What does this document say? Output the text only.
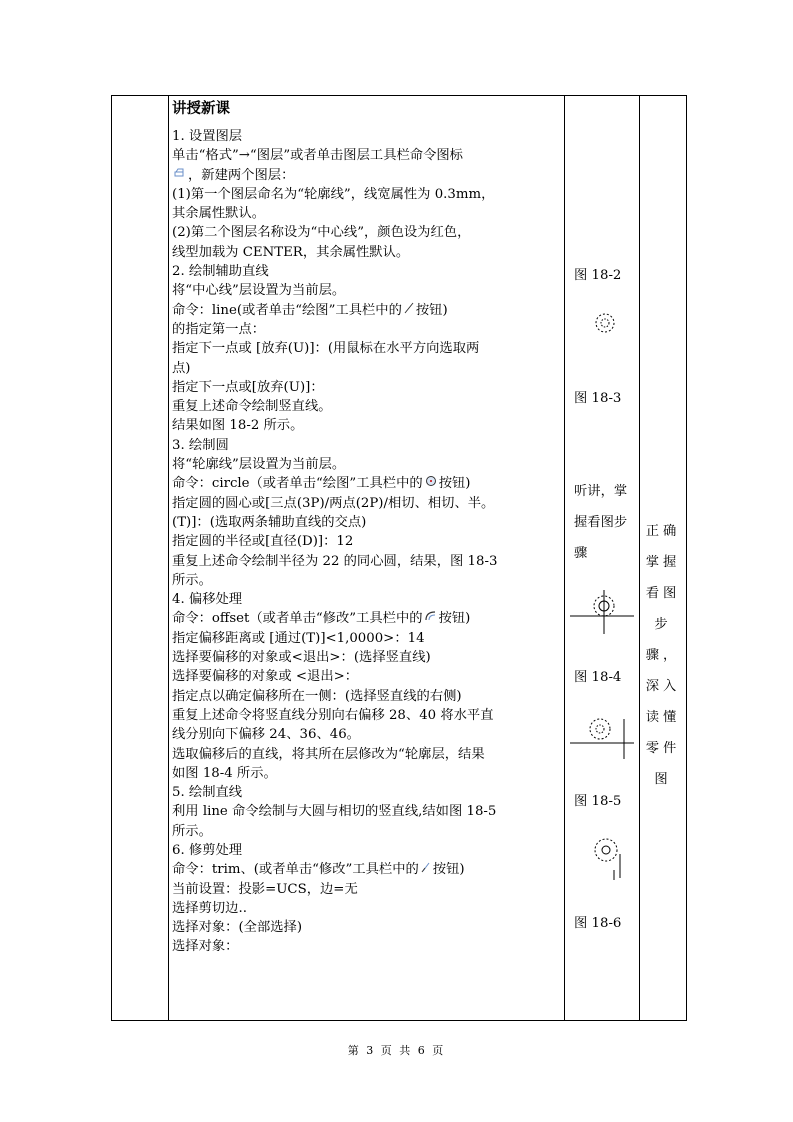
讲授新课
1. 设置图层
单击“格式”→“图层”或者单击图层工具栏命令图标
，新建两个图层：
(1)第一个图层命名为“轮廓线”，线宽属性为 0.3mm，
其余属性默认。
(2)第二个图层名称设为“中心线”，颜色设为红色，
线型加载为 CENTER，其余属性默认。
2. 绘制辅助直线
将“中心线”层设置为当前层。
命令：line(或者单击“绘图”工具栏中的 按钮)
的指定第一点：
指定下一点或 [放弃(U)]：(用鼠标在水平方向选取两
点)
指定下一点或[放弃(U)]：
重复上述命令绘制竖直线。
结果如图 18-2 所示。
3. 绘制圆
将“轮廓线”层设置为当前层。
命令：circle（或者单击“绘图”工具栏中的 按钮)
指定圆的圆心或[三点(3P)/两点(2P)/相切、相切、半。
(T)]：(选取两条辅助直线的交点)
指定圆的半径或[直径(D)]：12
重复上述命令绘制半径为 22 的同心圆，结果，图 18-3
所示。
4. 偏移处理
命令：offset（或者单击“修改”工具栏中的 按钮)
指定偏移距离或 [通过(T)]<1,0000>：14
选择要偏移的对象或<退出>：(选择竖直线)
选择要偏移的对象或 <退出>：
指定点以确定偏移所在一侧：(选择竖直线的右侧)
重复上述命令将竖直线分别向右偏移 28、40 将水平直
线分别向下偏移 24、36、46。
选取偏移后的直线，将其所在层修改为“轮廓层，结果
如图 18-4 所示。
5. 绘制直线
利用 line 命令绘制与大圆与相切的竖直线,结如图 18-5
所示。
6. 修剪处理
命令：trim、(或者单击“修改”工具栏中的 按钮)
当前设置：投影=UCS，边=无
选择剪切边..
选择对象：(全部选择)
选择对象：
图 18-2
图 18-3
听讲，掌
握看图步
骤
图 18-4
图 18-5
图 18-6
正确
掌握
看图
步
骤，
深入
读懂
零件
图
第 3 页 共 6 页
